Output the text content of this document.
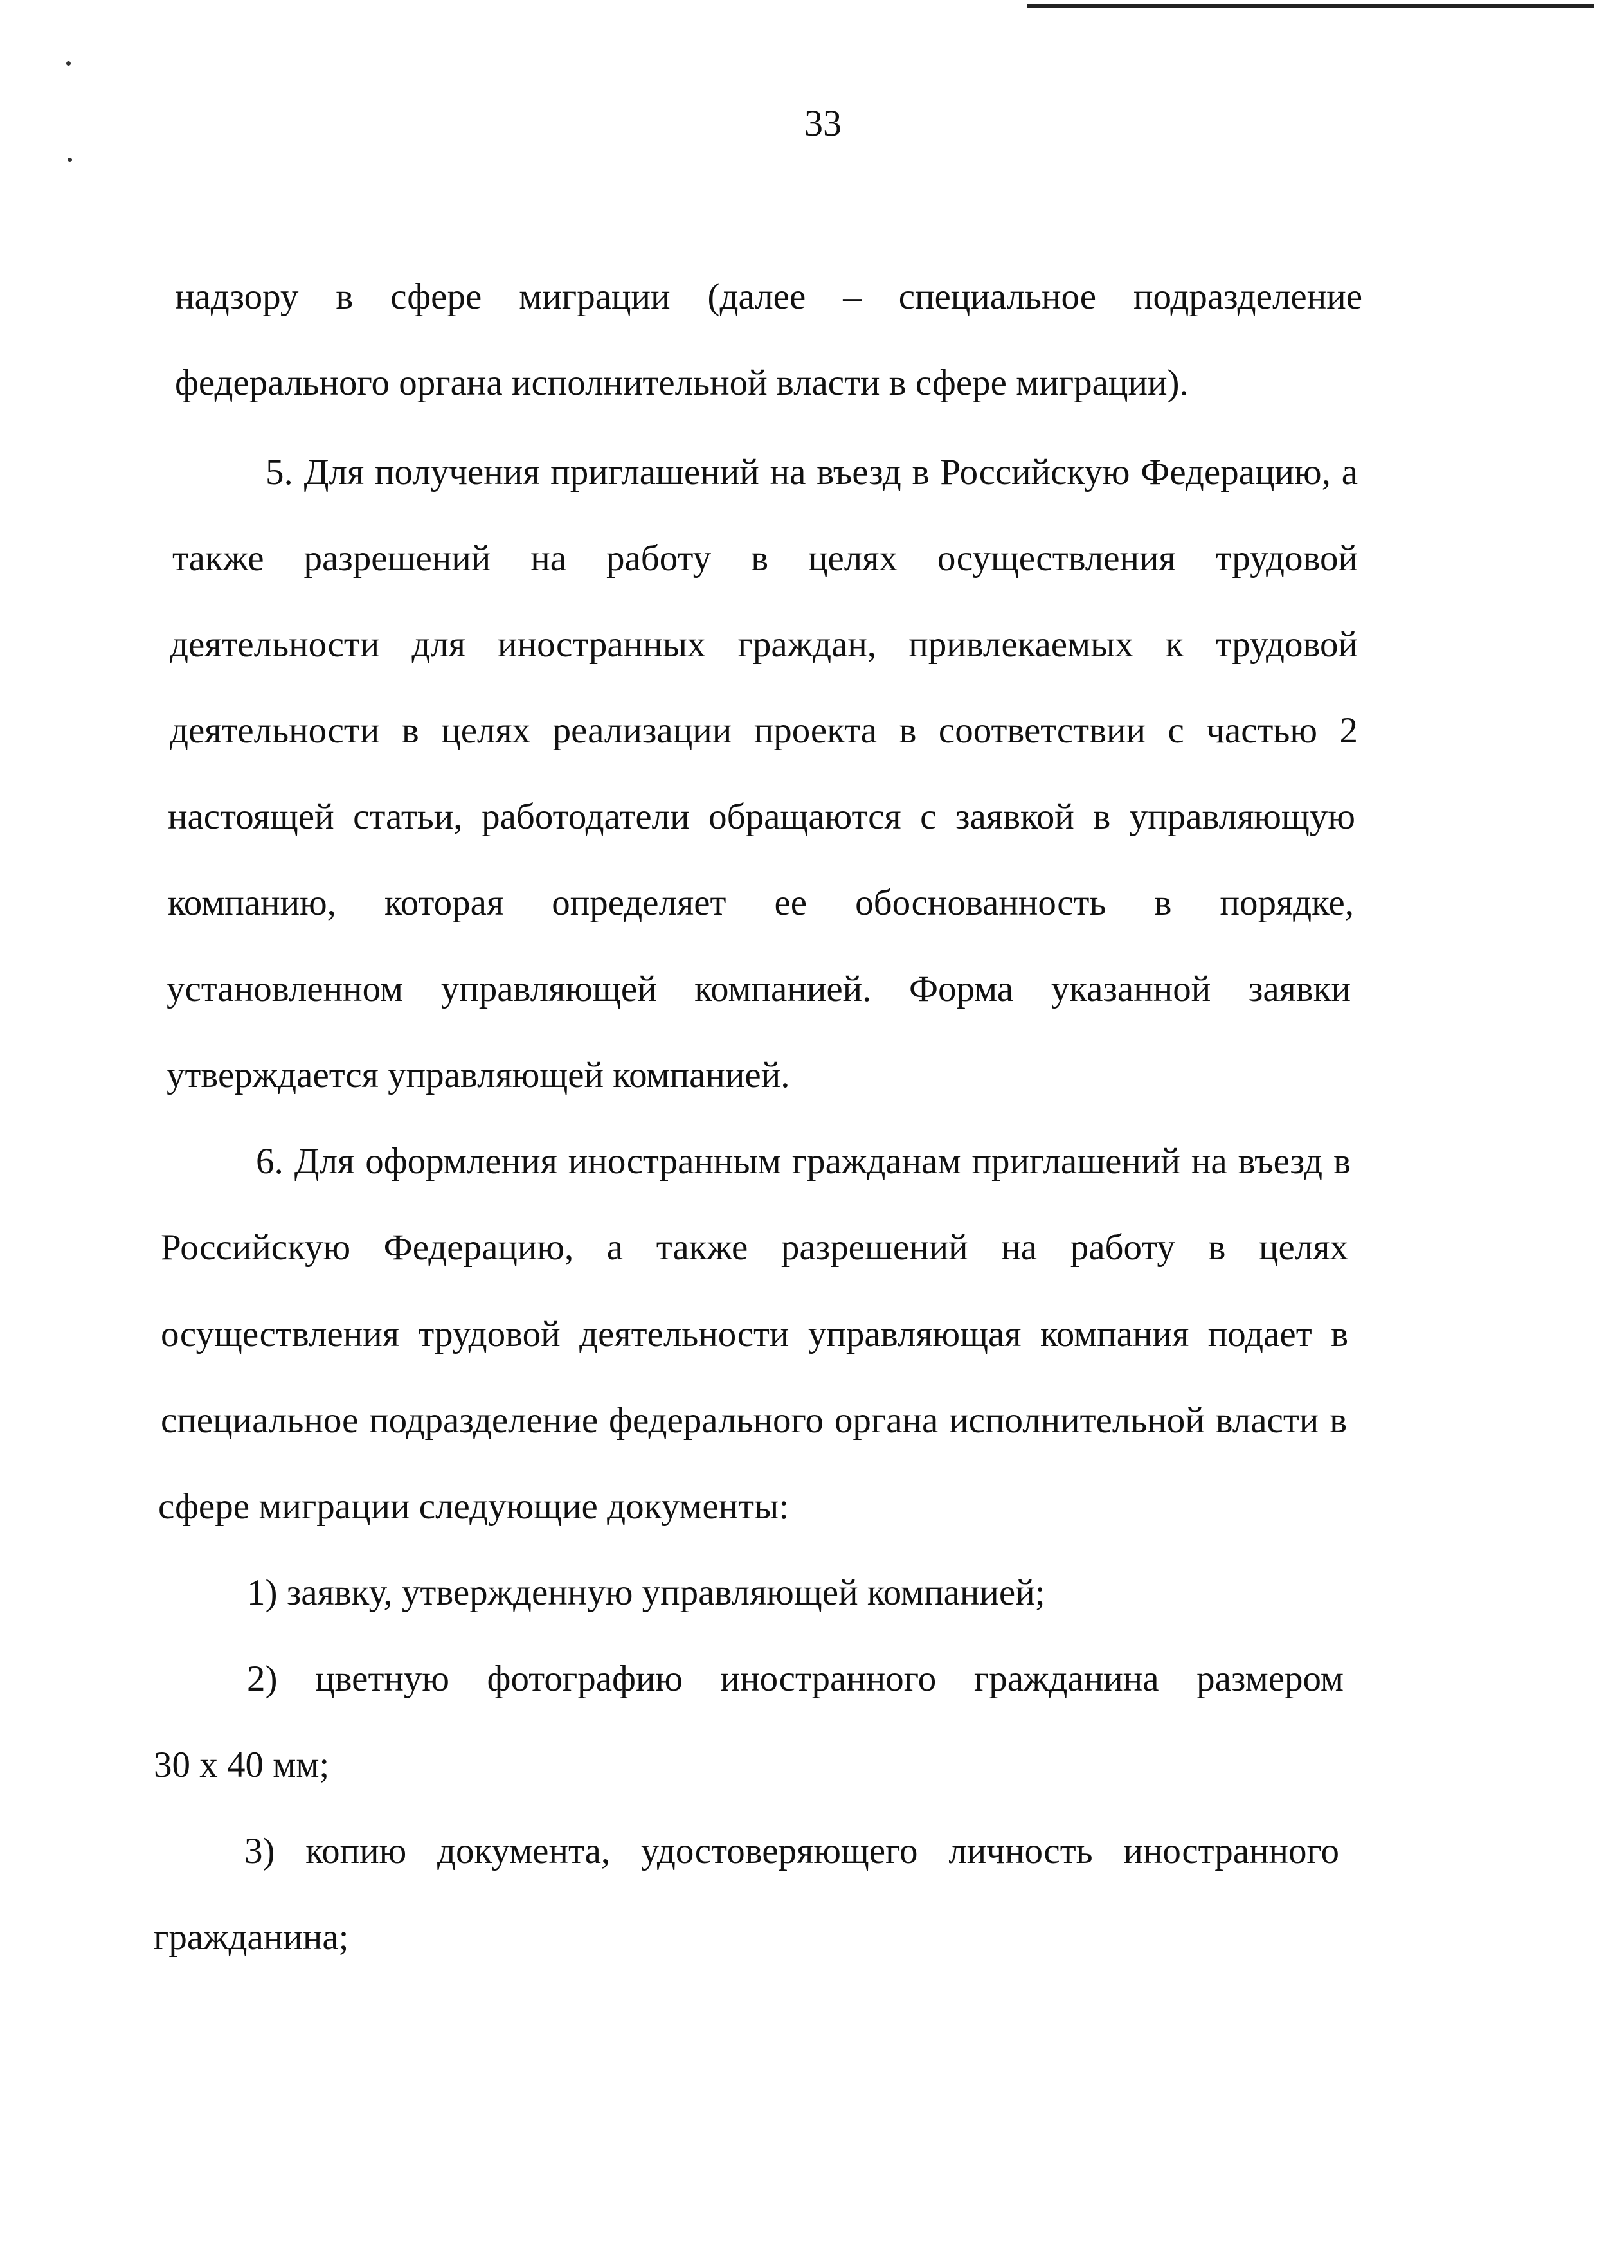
33
надзору в сфере миграции (далее – специальное подразделение
федерального органа исполнительной власти в сфере миграции).
5. Для получения приглашений на въезд в Российскую Федерацию, а
также разрешений на работу в целях осуществления трудовой
деятельности для иностранных граждан, привлекаемых к трудовой
деятельности в целях реализации проекта в соответствии с частью 2
настоящей статьи, работодатели обращаются с заявкой в управляющую
компанию, которая определяет ее обоснованность в порядке,
установленном управляющей компанией. Форма указанной заявки
утверждается управляющей компанией.
6. Для оформления иностранным гражданам приглашений на въезд в
Российскую Федерацию, а также разрешений на работу в целях
осуществления трудовой деятельности управляющая компания подает в
специальное подразделение федерального органа исполнительной власти в
сфере миграции следующие документы:
1) заявку, утвержденную управляющей компанией;
2) цветную фотографию иностранного гражданина размером
30 х 40 мм;
3) копию документа, удостоверяющего личность иностранного
гражданина;
